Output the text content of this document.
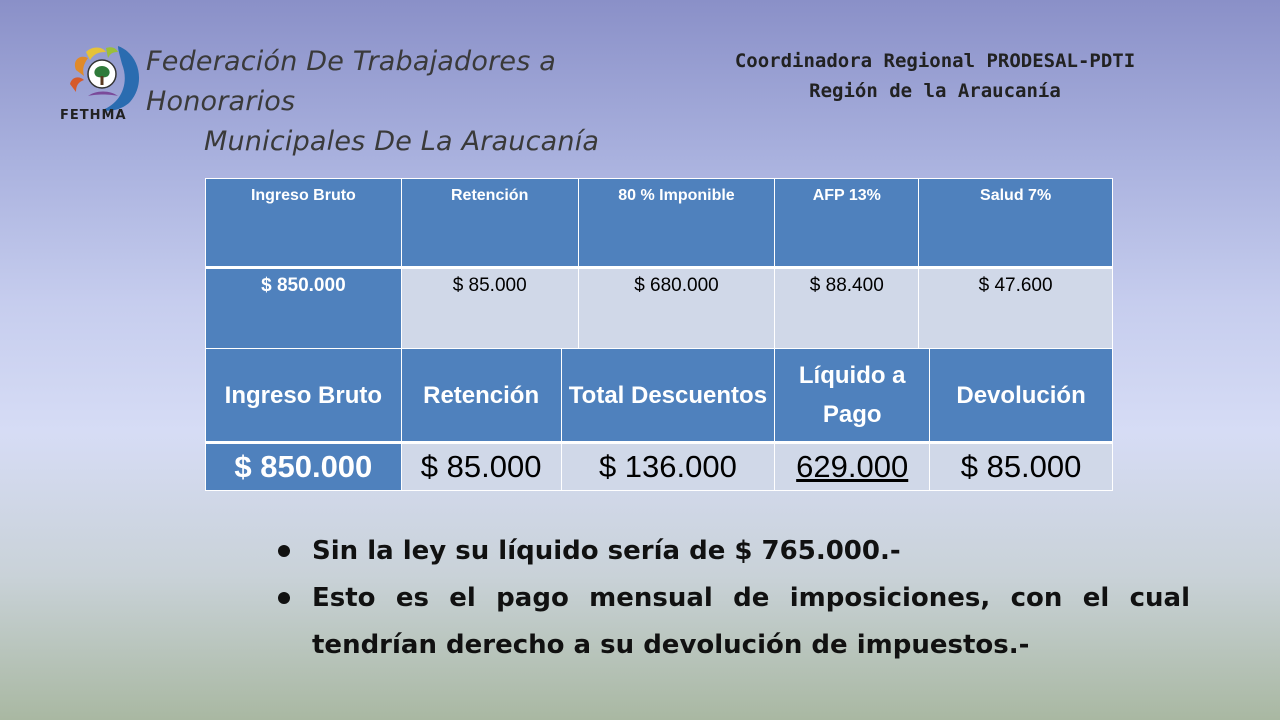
FETHMA
Federación De Trabajadores a Honorarios
Municipales De La Araucanía
Coordinadora Regional PRODESAL-PDTI
Región de la Araucanía
Ingreso Bruto	Retención	80 % Imponible	AFP 13%	Salud 7%
$ 850.000	$ 85.000	$ 680.000	$ 88.400	$ 47.600
Ingreso Bruto	Retención	Total Descuentos	Líquido a Pago	Devolución
$ 850.000	$ 85.000	$ 136.000	629.000	$ 85.000
Sin la ley su líquido sería de $ 765.000.-
Esto es el pago mensual de imposiciones, con el cual tendrían derecho a su devolución de impuestos.-
